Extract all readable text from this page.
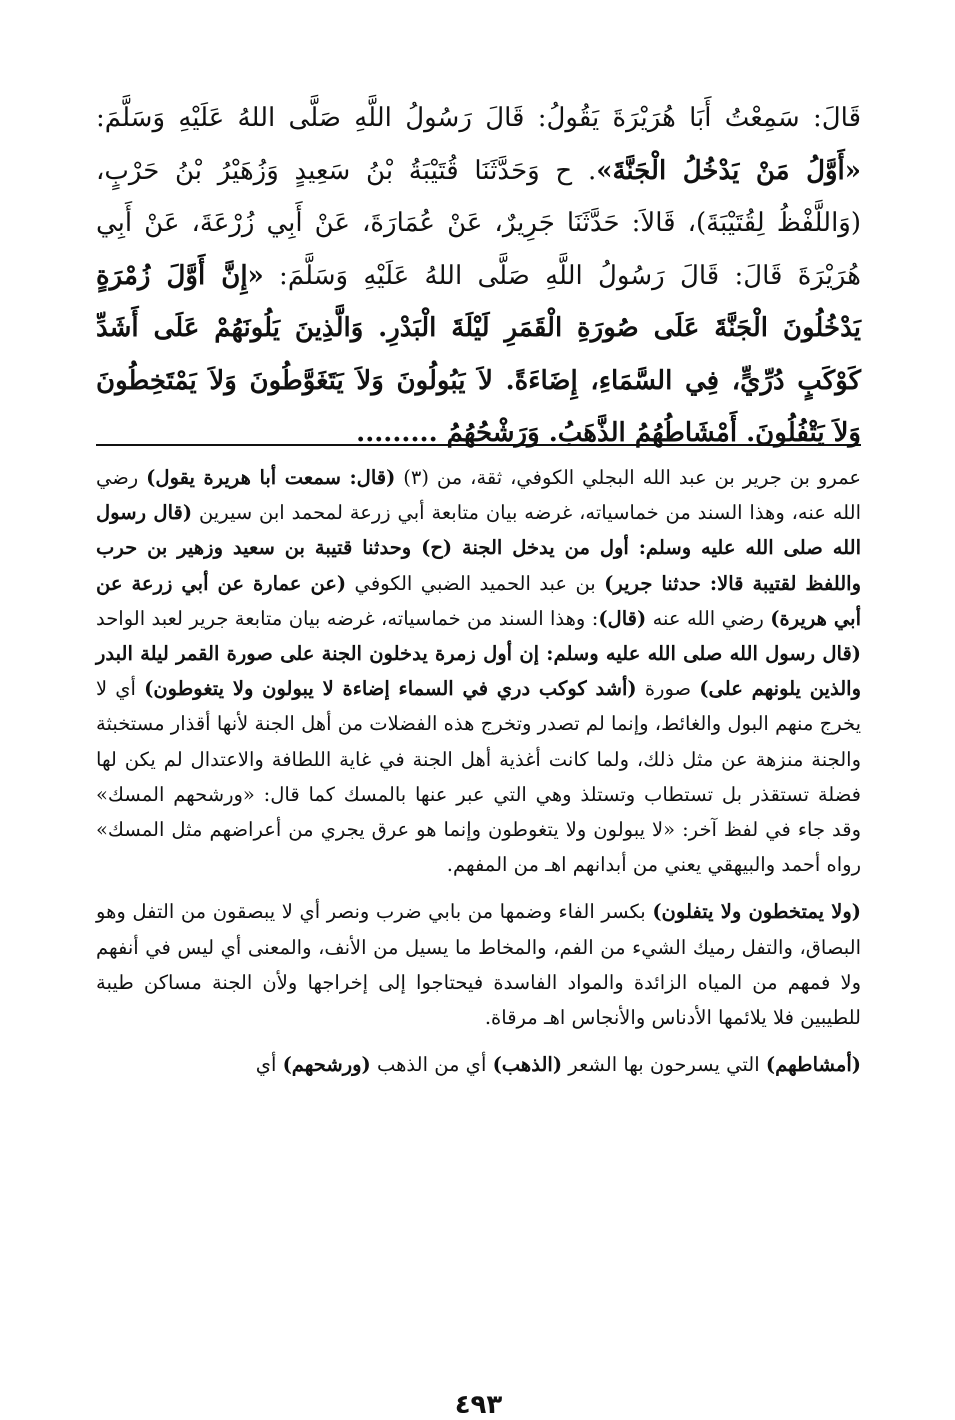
قَالَ: سَمِعْتُ أَبَا هُرَيْرَةَ يَقُولُ: قَالَ رَسُولُ اللَّهِ صَلَّى اللهُ عَلَيْهِ وَسَلَّمَ: «أَوَّلُ مَنْ يَدْخُلُ الْجَنَّةَ». ح وَحَدَّثَنَا قُتَيْبَةُ بْنُ سَعِيدٍ وَزُهَيْرُ بْنُ حَرْبٍ، (وَاللَّفْظُ لِقُتَيْبَةَ)، قَالاَ: حَدَّثَنَا جَرِيرٌ، عَنْ عُمَارَةَ، عَنْ أَبِي زُرْعَةَ، عَنْ أَبِي هُرَيْرَةَ قَالَ: قَالَ رَسُولُ اللَّهِ صَلَّى اللهُ عَلَيْهِ وَسَلَّمَ: «إِنَّ أَوَّلَ زُمْرَةٍ يَدْخُلُونَ الْجَنَّةَ عَلَى صُورَةِ الْقَمَرِ لَيْلَةَ الْبَدْرِ. وَالَّذِينَ يَلُونَهُمْ عَلَى أَشَدِّ كَوْكَبٍ دُرِّيٍّ، فِي السَّمَاءِ، إِضَاءَةً. لاَ يَبُولُونَ وَلاَ يَتَغَوَّطُونَ وَلاَ يَمْتَخِطُونَ وَلاَ يَتْفُلُونَ. أَمْشَاطُهُمُ الذَّهَبُ. وَرَشْحُهُمُ .........

عمرو بن جرير بن عبد الله البجلي الكوفي، ثقة، من (٣) (قال: سمعت أبا هريرة يقول) رضي الله عنه، وهذا السند من خماسياته، غرضه بيان متابعة أبي زرعة لمحمد ابن سيرين (قال رسول الله صلى الله عليه وسلم: أول من يدخل الجنة (ح) وحدثنا قتيبة بن سعيد وزهير بن حرب واللفظ لقتيبة قالا: حدثنا جرير) بن عبد الحميد الضبي الكوفي (عن عمارة عن أبي زرعة عن أبي هريرة) رضي الله عنه (قال): وهذا السند من خماسياته، غرضه بيان متابعة جرير لعبد الواحد (قال رسول الله صلى الله عليه وسلم: إن أول زمرة يدخلون الجنة على صورة القمر ليلة البدر والذين يلونهم على) صورة (أشد كوكب دري في السماء إضاءة لا يبولون ولا يتغوطون) أي لا يخرج منهم البول والغائط، وإنما لم تصدر وتخرج هذه الفضلات من أهل الجنة لأنها أقذار مستخبثة والجنة منزهة عن مثل ذلك، ولما كانت أغذية أهل الجنة في غاية اللطافة والاعتدال لم يكن لها فضلة تستقذر بل تستطاب وتستلذ وهي التي عبر عنها بالمسك كما قال: «ورشحهم المسك» وقد جاء في لفظ آخر: «لا يبولون ولا يتغوطون وإنما هو عرق يجري من أعراضهم مثل المسك» رواه أحمد والبيهقي يعني من أبدانهم اهـ من المفهم.

(ولا يمتخطون ولا يتفلون) بكسر الفاء وضمها من بابي ضرب ونصر أي لا يبصقون من التفل وهو البصاق، والتفل رميك الشيء من الفم، والمخاط ما يسيل من الأنف، والمعنى أي ليس في أنفهم ولا فمهم من المياه الزائدة والمواد الفاسدة فيحتاجوا إلى إخراجها ولأن الجنة مساكن طيبة للطيبين فلا يلائمها الأدناس والأنجاس اهـ مرقاة.

(أمشاطهم) التي يسرحون بها الشعر (الذهب) أي من الذهب (ورشحهم) أي

٤٩٣
